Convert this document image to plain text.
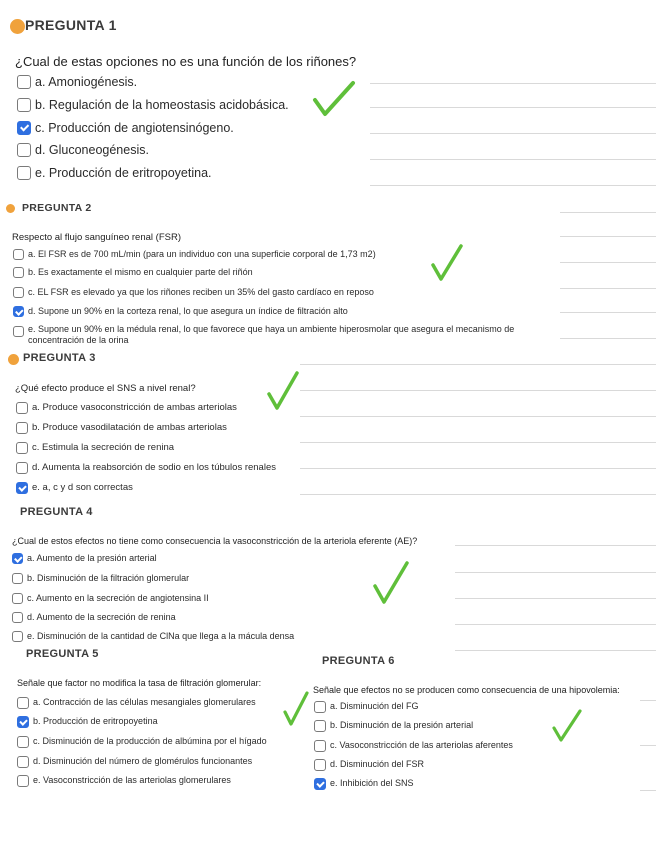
PREGUNTA 1
¿Cual de estas opciones no es una función de los riñones?
a. Amoniogénesis.
b. Regulación de la homeostasis acidobásica.
c. Producción de angiotensinógeno.
d. Gluconeogénesis.
e. Producción de eritropoyetina.
PREGUNTA 2
Respecto al flujo sanguíneo renal (FSR)
a. El FSR es de 700 mL/min (para un individuo con una superficie corporal de 1,73 m2)
b. Es exactamente el mismo en cualquier parte del riñón
c. EL FSR es elevado ya que los riñones reciben un 35% del gasto cardíaco en reposo
d. Supone un 90% en la corteza renal, lo que asegura un índice de filtración alto
e. Supone un 90% en la médula renal, lo que favorece que haya un ambiente hiperosmolar que asegura el mecanismo de concentración de la orina
PREGUNTA 3
¿Qué efecto produce el SNS a nivel renal?
a. Produce vasoconstricción de ambas arteriolas
b. Produce vasodilatación de ambas arteriolas
c. Estimula la secreción de renina
d. Aumenta la reabsorción de sodio en los túbulos renales
e. a, c y d son correctas
PREGUNTA 4
¿Cual de estos efectos no tiene como consecuencia la vasoconstricción de la arteriola eferente (AE)?
a. Aumento de la presión arterial
b. Disminución de la filtración glomerular
c. Aumento en la secreción de angiotensina II
d. Aumento de la secreción de renina
e. Disminución de la cantidad de ClNa que llega a la mácula densa
PREGUNTA 5
Señale que factor no modifica la tasa de filtración glomerular:
a. Contracción de las células mesangiales glomerulares
b. Producción de eritropoyetina
c. Disminución de la producción de albúmina por el hígado
d. Disminución del número de glomérulos funcionantes
e. Vasoconstricción de las arteriolas glomerulares
PREGUNTA 6
Señale que efectos no se producen como consecuencia de una hipovolemia:
a. Disminución del FG
b. Disminución de la presión arterial
c. Vasoconstricción de las arteriolas aferentes
d. Disminución del FSR
e. Inhibición del SNS
